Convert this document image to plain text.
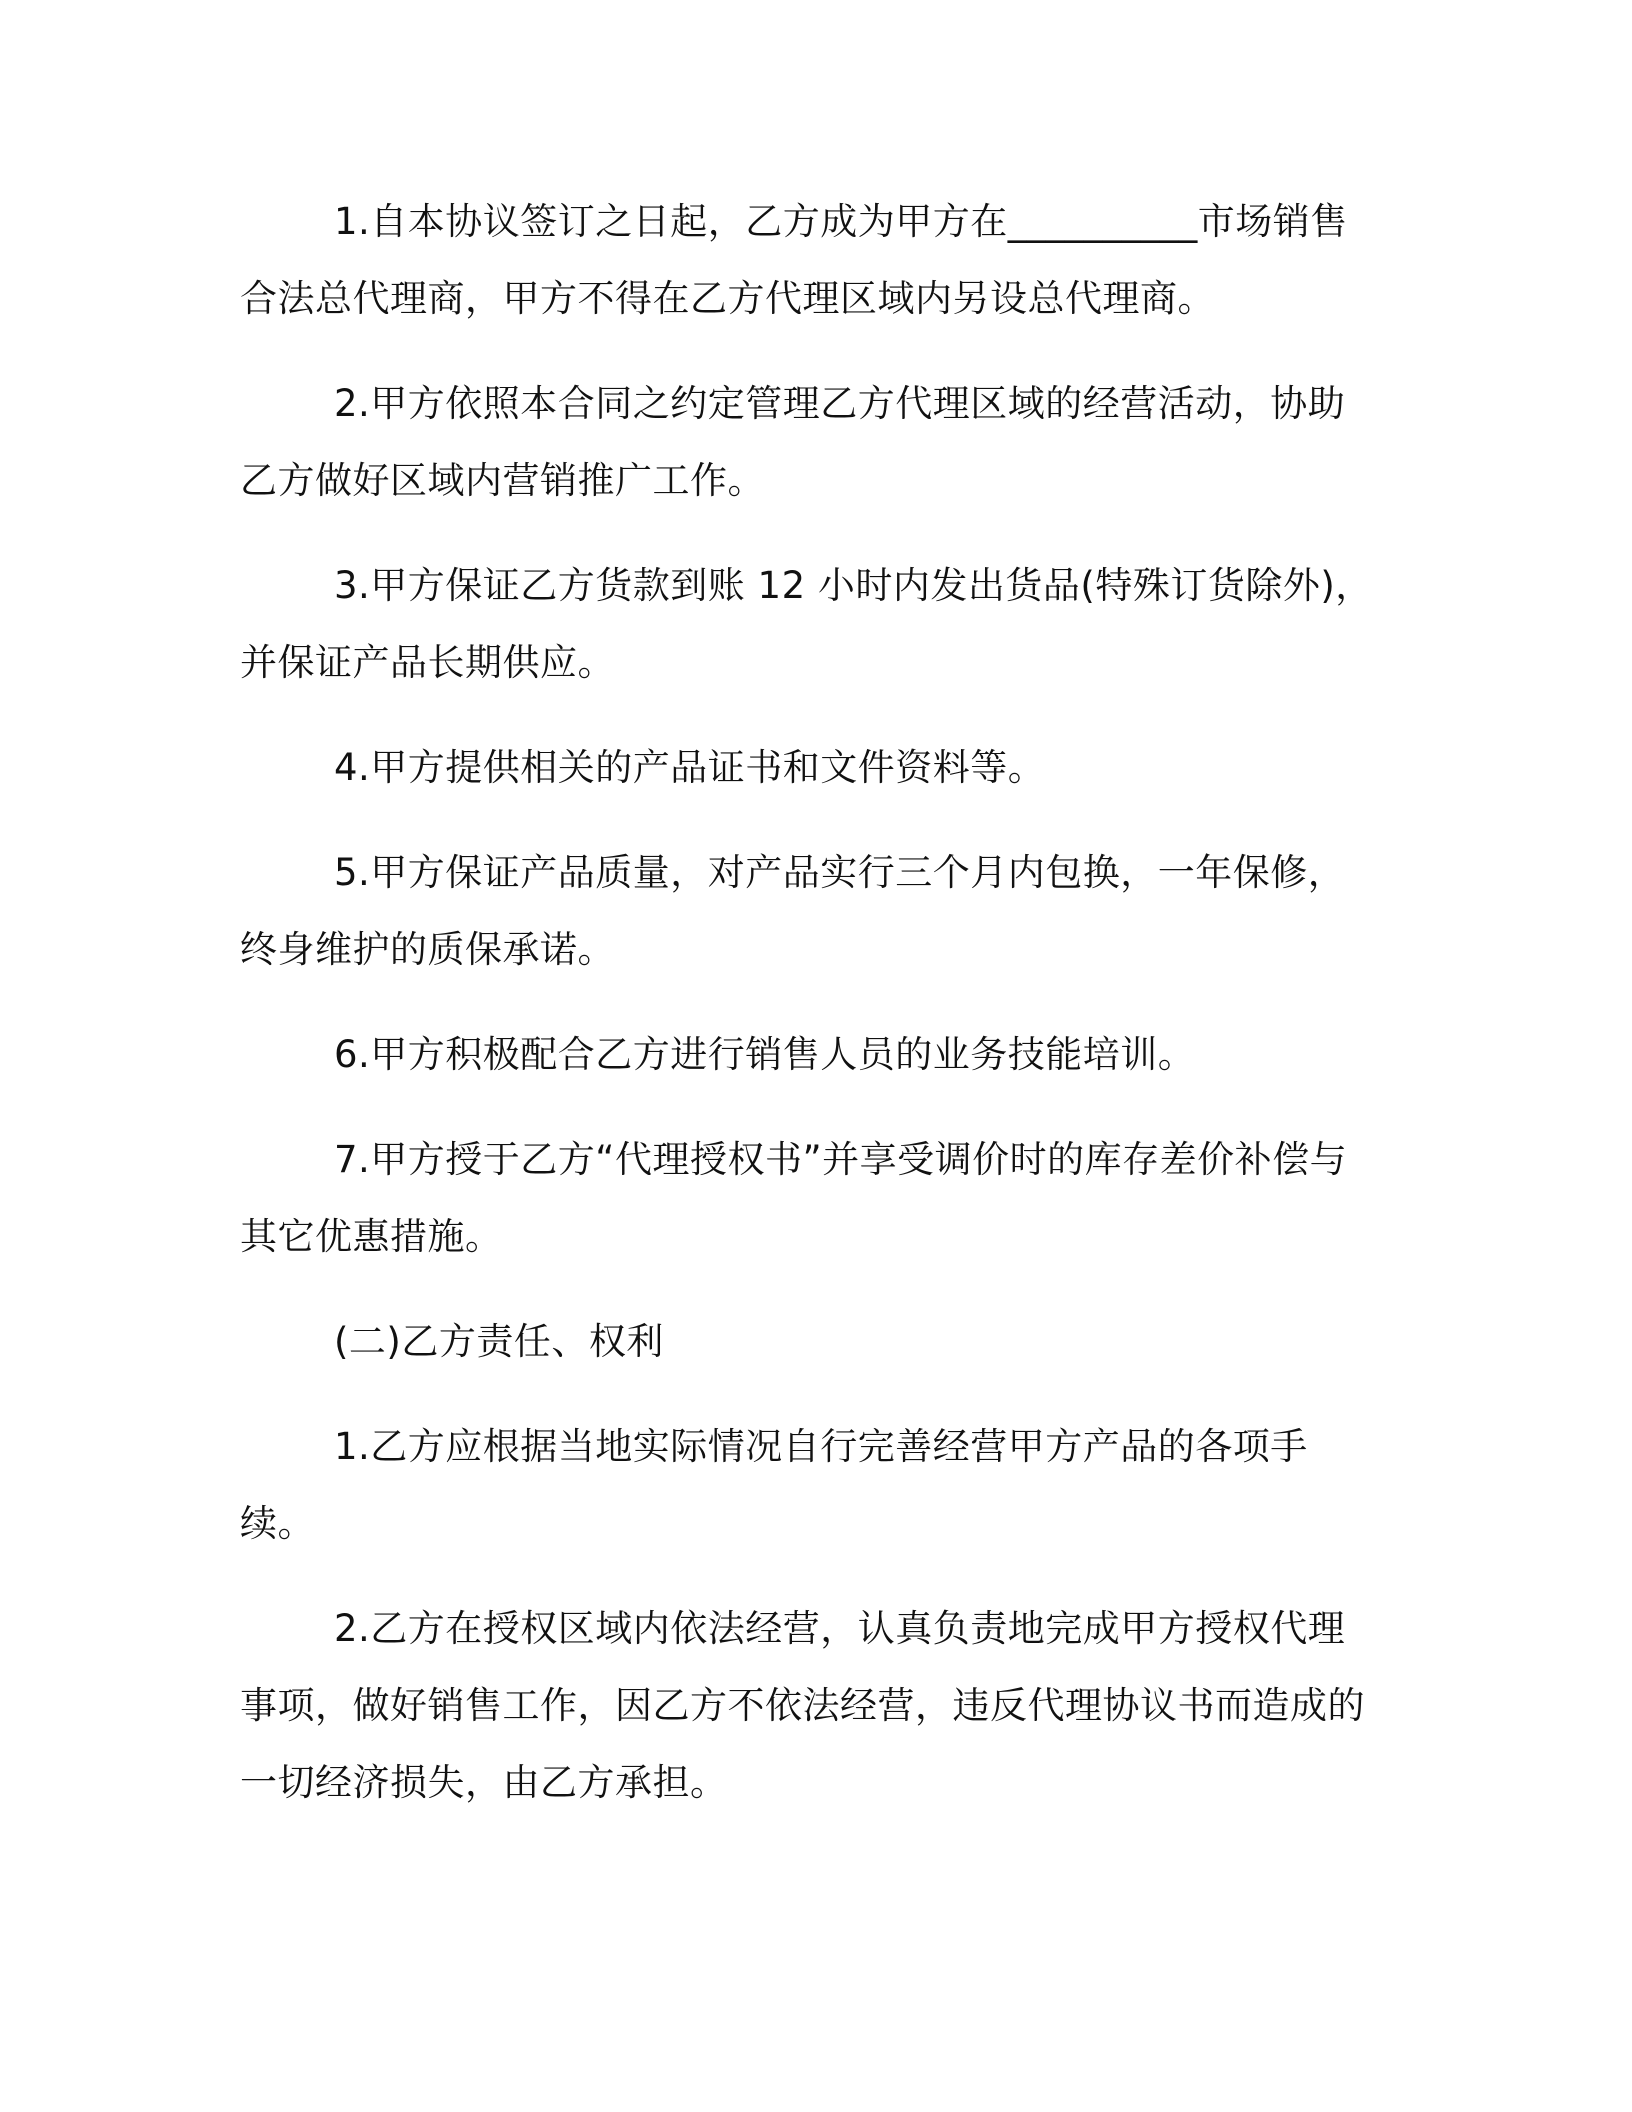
1.自本协议签订之日起，乙方成为甲方在__________市场销售合法总代理商，甲方不得在乙方代理区域内另设总代理商。

2.甲方依照本合同之约定管理乙方代理区域的经营活动，协助乙方做好区域内营销推广工作。

3.甲方保证乙方货款到账 12 小时内发出货品(特殊订货除外)，并保证产品长期供应。

4.甲方提供相关的产品证书和文件资料等。

5.甲方保证产品质量，对产品实行三个月内包换，一年保修，终身维护的质保承诺。

6.甲方积极配合乙方进行销售人员的业务技能培训。

7.甲方授于乙方“代理授权书”并享受调价时的库存差价补偿与其它优惠措施。

(二)乙方责任、权利

1.乙方应根据当地实际情况自行完善经营甲方产品的各项手续。

2.乙方在授权区域内依法经营，认真负责地完成甲方授权代理事项，做好销售工作，因乙方不依法经营，违反代理协议书而造成的一切经济损失，由乙方承担。
